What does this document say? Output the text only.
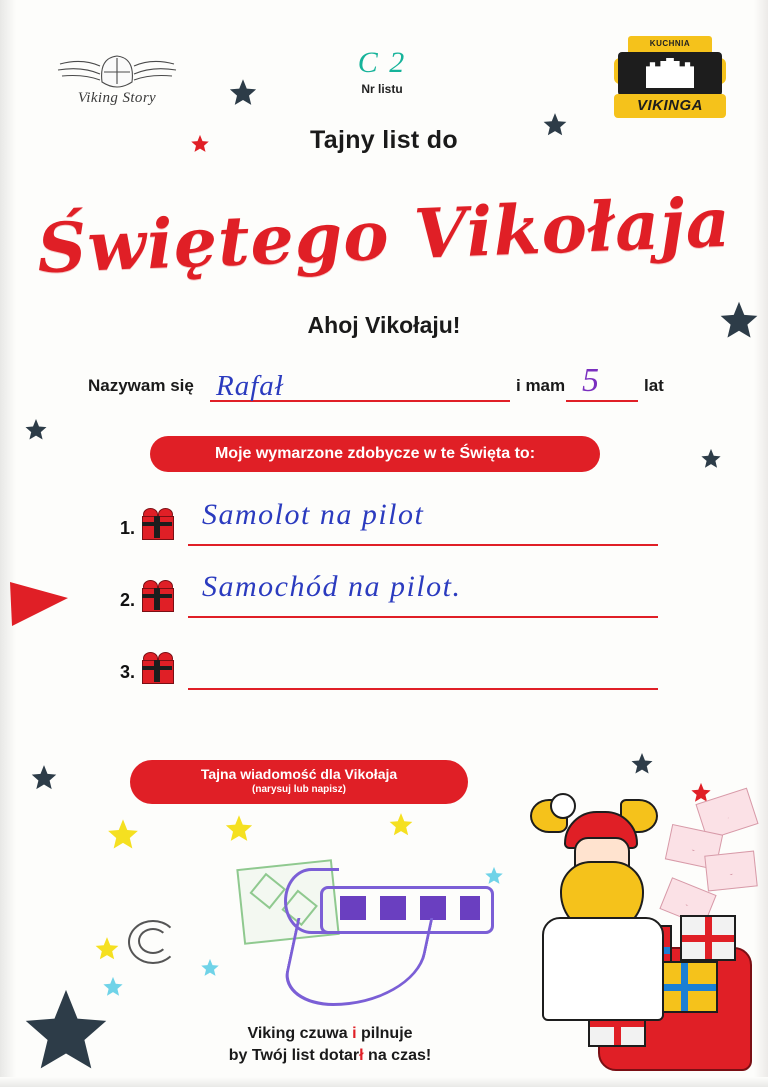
Viking Story
KUCHNIA
VIKINGA
C 2
Nr listu
Tajny list do
Świętego Vikołaja
Ahoj Vikołaju!
Nazywam się Rafał	i mam 5	lat
Moje wymarzone zdobycze w te Święta to:
1. Samolot na pilot
2. Samochód na pilot.
3.
Tajna wiadomość dla Vikołaja
(narysuj lub napisz)
Viking czuwa i pilnuje
by Twój list dotarł na czas!
